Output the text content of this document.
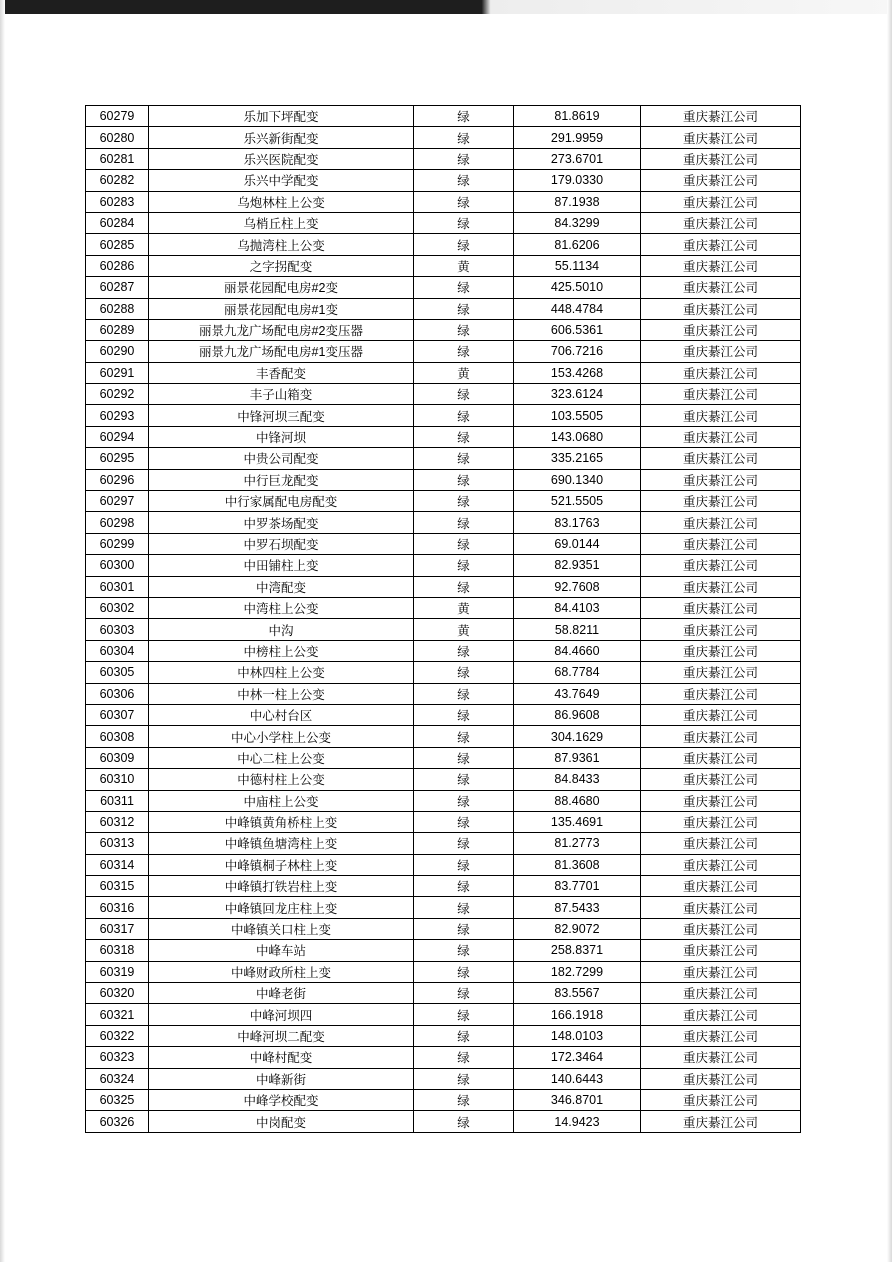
60279	乐加下坪配变	绿	81.8619	重庆綦江公司
60280	乐兴新街配变	绿	291.9959	重庆綦江公司
60281	乐兴医院配变	绿	273.6701	重庆綦江公司
60282	乐兴中学配变	绿	179.0330	重庆綦江公司
60283	乌炮林柱上公变	绿	87.1938	重庆綦江公司
60284	乌梢丘柱上变	绿	84.3299	重庆綦江公司
60285	乌抛湾柱上公变	绿	81.6206	重庆綦江公司
60286	之字拐配变	黄	55.1134	重庆綦江公司
60287	丽景花园配电房#2变	绿	425.5010	重庆綦江公司
60288	丽景花园配电房#1变	绿	448.4784	重庆綦江公司
60289	丽景九龙广场配电房#2变压器	绿	606.5361	重庆綦江公司
60290	丽景九龙广场配电房#1变压器	绿	706.7216	重庆綦江公司
60291	丰香配变	黄	153.4268	重庆綦江公司
60292	丰子山箱变	绿	323.6124	重庆綦江公司
60293	中锋河坝三配变	绿	103.5505	重庆綦江公司
60294	中锋河坝	绿	143.0680	重庆綦江公司
60295	中贵公司配变	绿	335.2165	重庆綦江公司
60296	中行巨龙配变	绿	690.1340	重庆綦江公司
60297	中行家属配电房配变	绿	521.5505	重庆綦江公司
60298	中罗茶场配变	绿	83.1763	重庆綦江公司
60299	中罗石坝配变	绿	69.0144	重庆綦江公司
60300	中田铺柱上变	绿	82.9351	重庆綦江公司
60301	中湾配变	绿	92.7608	重庆綦江公司
60302	中湾柱上公变	黄	84.4103	重庆綦江公司
60303	中沟	黄	58.8211	重庆綦江公司
60304	中榜柱上公变	绿	84.4660	重庆綦江公司
60305	中林四柱上公变	绿	68.7784	重庆綦江公司
60306	中林一柱上公变	绿	43.7649	重庆綦江公司
60307	中心村台区	绿	86.9608	重庆綦江公司
60308	中心小学柱上公变	绿	304.1629	重庆綦江公司
60309	中心二柱上公变	绿	87.9361	重庆綦江公司
60310	中德村柱上公变	绿	84.8433	重庆綦江公司
60311	中庙柱上公变	绿	88.4680	重庆綦江公司
60312	中峰镇黄角桥柱上变	绿	135.4691	重庆綦江公司
60313	中峰镇鱼塘湾柱上变	绿	81.2773	重庆綦江公司
60314	中峰镇桐子林柱上变	绿	81.3608	重庆綦江公司
60315	中峰镇打铁岩柱上变	绿	83.7701	重庆綦江公司
60316	中峰镇回龙庄柱上变	绿	87.5433	重庆綦江公司
60317	中峰镇关口柱上变	绿	82.9072	重庆綦江公司
60318	中峰车站	绿	258.8371	重庆綦江公司
60319	中峰财政所柱上变	绿	182.7299	重庆綦江公司
60320	中峰老街	绿	83.5567	重庆綦江公司
60321	中峰河坝四	绿	166.1918	重庆綦江公司
60322	中峰河坝二配变	绿	148.0103	重庆綦江公司
60323	中峰村配变	绿	172.3464	重庆綦江公司
60324	中峰新街	绿	140.6443	重庆綦江公司
60325	中峰学校配变	绿	346.8701	重庆綦江公司
60326	中岗配变	绿	14.9423	重庆綦江公司
